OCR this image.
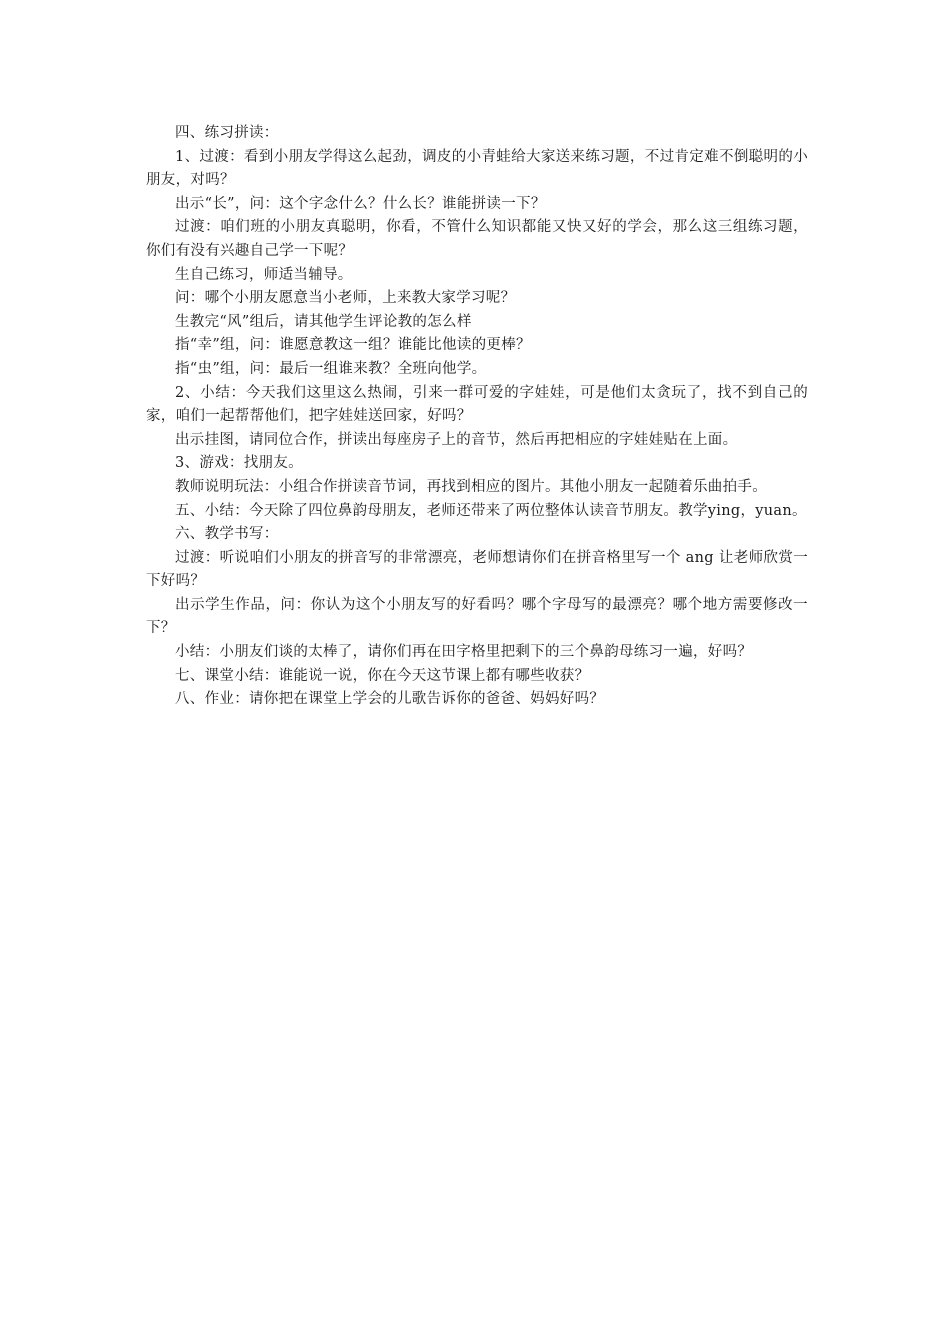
四、练习拼读：

1、过渡：看到小朋友学得这么起劲，调皮的小青蛙给大家送来练习题，不过肯定难不倒聪明的小朋友，对吗？

出示“长”，问：这个字念什么？什么长？谁能拼读一下？

过渡：咱们班的小朋友真聪明，你看，不管什么知识都能又快又好的学会，那么这三组练习题，你们有没有兴趣自己学一下呢？

生自己练习，师适当辅导。

问：哪个小朋友愿意当小老师，上来教大家学习呢？

生教完“风”组后，请其他学生评论教的怎么样

指“幸”组，问：谁愿意教这一组？谁能比他读的更棒？

指“虫”组，问：最后一组谁来教？全班向他学。

2、小结：今天我们这里这么热闹，引来一群可爱的字娃娃，可是他们太贪玩了，找不到自己的家，咱们一起帮帮他们，把字娃娃送回家，好吗？

出示挂图，请同位合作，拼读出每座房子上的音节，然后再把相应的字娃娃贴在上面。

3、游戏：找朋友。

教师说明玩法：小组合作拼读音节词，再找到相应的图片。其他小朋友一起随着乐曲拍手。

五、小结：今天除了四位鼻韵母朋友，老师还带来了两位整体认读音节朋友。教学ying，yuan。

六、教学书写：

过渡：听说咱们小朋友的拼音写的非常漂亮，老师想请你们在拼音格里写一个 ang 让老师欣赏一下好吗？

出示学生作品，问：你认为这个小朋友写的好看吗？哪个字母写的最漂亮？哪个地方需要修改一下？

小结：小朋友们谈的太棒了，请你们再在田字格里把剩下的三个鼻韵母练习一遍，好吗？

七、课堂小结：谁能说一说，你在今天这节课上都有哪些收获？

八、作业：请你把在课堂上学会的儿歌告诉你的爸爸、妈妈好吗？
